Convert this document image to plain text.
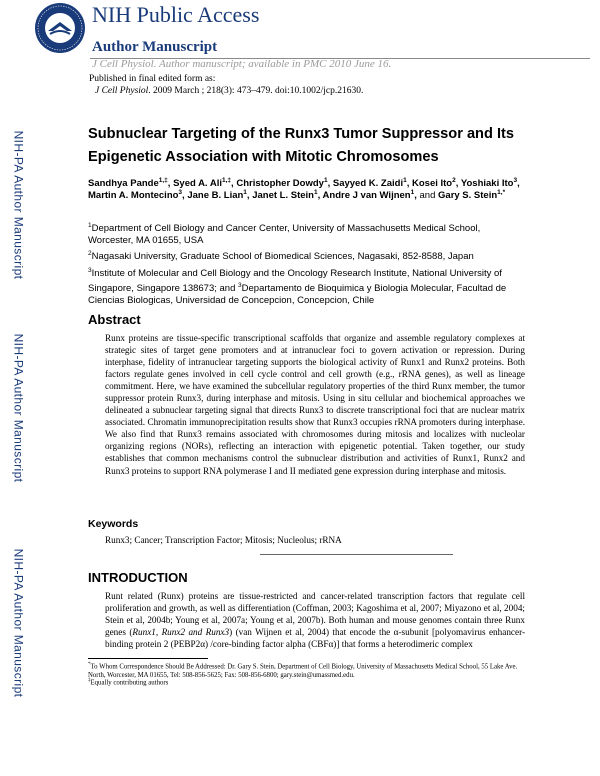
NIH Public Access
Author Manuscript
J Cell Physiol. Author manuscript; available in PMC 2010 June 16.
NIH-PA Author Manuscript
NIH-PA Author Manuscript
NIH-PA Author Manuscript
Published in final edited form as:
J Cell Physiol. 2009 March ; 218(3): 473–479. doi:10.1002/jcp.21630.
Subnuclear Targeting of the Runx3 Tumor Suppressor and Its Epigenetic Association with Mitotic Chromosomes
Sandhya Pande$^{1,\ddagger}$, Syed A. Ali$^{1,\ddagger}$, Christopher Dowdy$^1$, Sayyed K. Zaidi$^1$, Kosei Ito$^2$, Yoshiaki Ito$^3$, Martin A. Montecino$^3$, Jane B. Lian$^1$, Janet L. Stein$^1$, Andre J van Wijnen$^1$, and Gary S. Stein$^{1,*}$
$^1$Department of Cell Biology and Cancer Center, University of Massachusetts Medical School, Worcester, MA 01655, USA
$^2$Nagasaki University, Graduate School of Biomedical Sciences, Nagasaki, 852-8588, Japan
$^3$Institute of Molecular and Cell Biology and the Oncology Research Institute, National University of Singapore, Singapore 138673; and $^3$Departamento de Bioquimica y Biologia Molecular, Facultad de Ciencias Biologicas, Universidad de Concepcion, Concepcion, Chile
Abstract
Runx proteins are tissue-specific transcriptional scaffolds that organize and assemble regulatory complexes at strategic sites of target gene promoters and at intranuclear foci to govern activation or repression. During interphase, fidelity of intranuclear targeting supports the biological activity of Runx1 and Runx2 proteins. Both factors regulate genes involved in cell cycle control and cell growth (e.g., rRNA genes), as well as lineage commitment. Here, we have examined the subcellular regulatory properties of the third Runx member, the tumor suppressor protein Runx3, during interphase and mitosis. Using in situ cellular and biochemical approaches we delineated a subnuclear targeting signal that directs Runx3 to discrete transcriptional foci that are nuclear matrix associated. Chromatin immunoprecipitation results show that Runx3 occupies rRNA promoters during interphase. We also find that Runx3 remains associated with chromosomes during mitosis and localizes with nucleolar organizing regions (NORs), reflecting an interaction with epigenetic potential. Taken together, our study establishes that common mechanisms control the subnuclear distribution and activities of Runx1, Runx2 and Runx3 proteins to support RNA polymerase I and II mediated gene expression during interphase and mitosis.
Keywords
Runx3; Cancer; Transcription Factor; Mitosis; Nucleolus; rRNA
INTRODUCTION
Runt related (Runx) proteins are tissue-restricted and cancer-related transcription factors that regulate cell proliferation and growth, as well as differentiation (Coffman, 2003; Kagoshima et al, 2007; Miyazono et al, 2004; Stein et al, 2004b; Young et al, 2007a; Young et al, 2007b). Both human and mouse genomes contain three Runx genes (Runx1, Runx2 and Runx3) (van Wijnen et al, 2004) that encode the α-subunit [polyomavirus enhancer-binding protein 2 (PEBP2α) /core-binding factor alpha (CBFα)] that forms a heterodimeric complex
*To Whom Correspondence Should Be Addressed: Dr. Gary S. Stein, Department of Cell Biology, University of Massachusetts Medical School, 55 Lake Ave. North, Worcester, MA 01655, Tel: 508-856-5625; Fax: 508-856-6800; gary.stein@umassmed.edu.
‡Equally contributing authors
